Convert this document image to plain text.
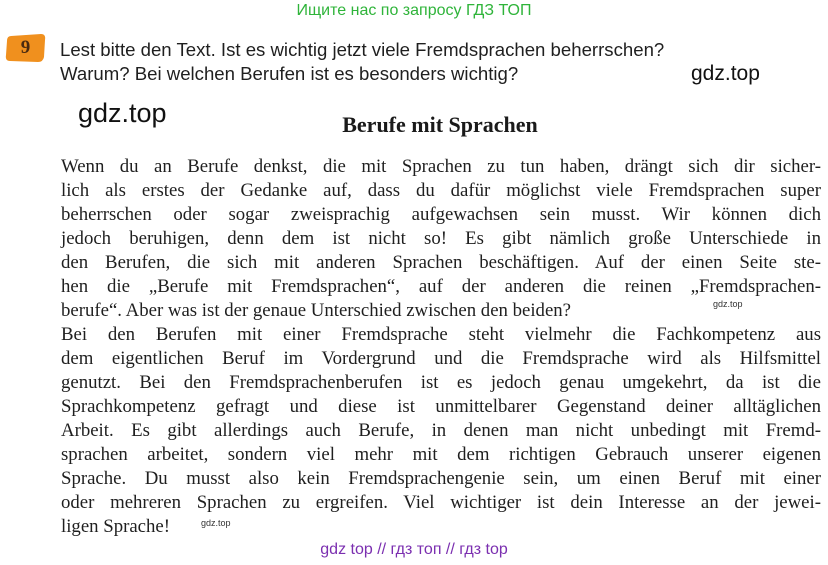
Ищите нас по запросу ГДЗ ТОП
9	Lest bitte den Text. Ist es wichtig jetzt viele Fremdsprachen beherrschen?
Warum? Bei welchen Berufen ist es besonders wichtig?	gdz.top
gdz.top	Berufe mit Sprachen
Wenn du an Berufe denkst, die mit Sprachen zu tun haben, drängt sich dir sicher-
lich als erstes der Gedanke auf, dass du dafür möglichst viele Fremdsprachen super
beherrschen oder sogar zweisprachig aufgewachsen sein musst. Wir können dich
jedoch beruhigen, denn dem ist nicht so! Es gibt nämlich große Unterschiede in
den Berufen, die sich mit anderen Sprachen beschäftigen. Auf der einen Seite ste-
hen die „Berufe mit Fremdsprachen“, auf der anderen die reinen „Fremdsprachen-
berufe“. Aber was ist der genaue Unterschied zwischen den beiden?
Bei den Berufen mit einer Fremdsprache steht vielmehr die Fachkompetenz aus
dem eigentlichen Beruf im Vordergrund und die Fremdsprache wird als Hilfsmittel
genutzt. Bei den Fremdsprachenberufen ist es jedoch genau umgekehrt, da ist die
Sprachkompetenz gefragt und diese ist unmittelbarer Gegenstand deiner alltäglichen
Arbeit. Es gibt allerdings auch Berufe, in denen man nicht unbedingt mit Fremd-
sprachen arbeitet, sondern viel mehr mit dem richtigen Gebrauch unserer eigenen
Sprache. Du musst also kein Fremdsprachengenie sein, um einen Beruf mit einer
oder mehreren Sprachen zu ergreifen. Viel wichtiger ist dein Interesse an der jewei-
ligen Sprache!
gdz.top
gdz.top
gdz top // гдз топ // гдз top
